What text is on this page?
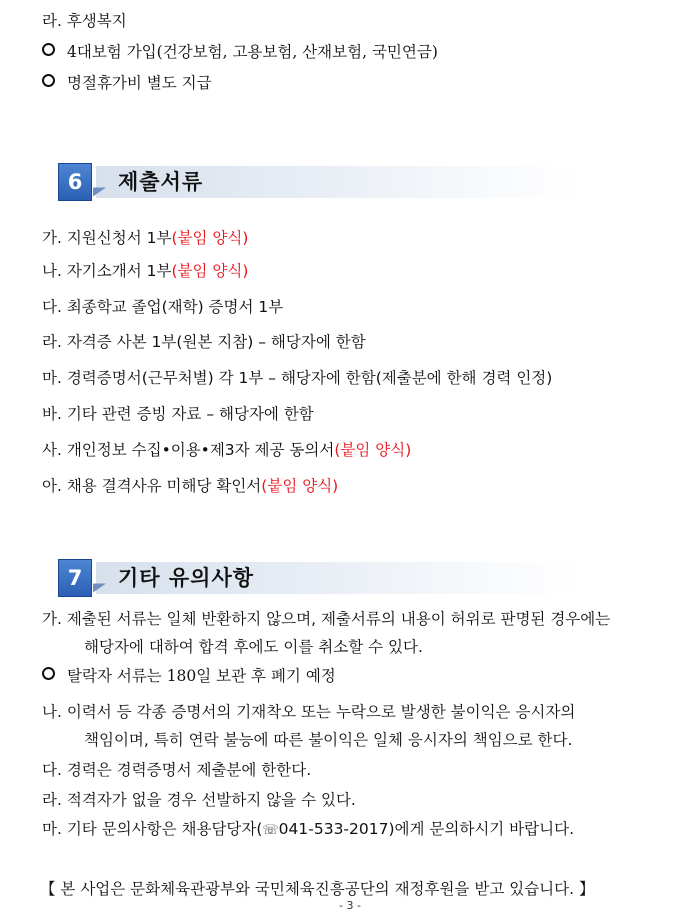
라. 후생복지
4대보험 가입(건강보험, 고용보험, 산재보험, 국민연금)
명절휴가비 별도 지급
6	제출서류
가. 지원신청서 1부(붙임 양식)
나. 자기소개서 1부(붙임 양식)
다. 최종학교 졸업(재학) 증명서 1부
라. 자격증 사본 1부(원본 지참) – 해당자에 한함
마. 경력증명서(근무처별) 각 1부 – 해당자에 한함(제출분에 한해 경력 인정)
바. 기타 관련 증빙 자료 – 해당자에 한함
사. 개인정보 수집•이용•제3자 제공 동의서(붙임 양식)
아. 채용 결격사유 미해당 확인서(붙임 양식)
7	기타 유의사항
가. 제출된 서류는 일체 반환하지 않으며, 제출서류의 내용이 허위로 판명된 경우에는
해당자에 대하여 합격 후에도 이를 취소할 수 있다.
탈락자 서류는 180일 보관 후 폐기 예정
나. 이력서 등 각종 증명서의 기재착오 또는 누락으로 발생한 불이익은 응시자의
책임이며, 특히 연락 불능에 따른 불이익은 일체 응시자의 책임으로 한다.
다. 경력은 경력증명서 제출분에 한한다.
라. 적격자가 없을 경우 선발하지 않을 수 있다.
마. 기타 문의사항은 채용담당자(☏041-533-2017)에게 문의하시기 바랍니다.
【 본 사업은 문화체육관광부와 국민체육진흥공단의 재정후원을 받고 있습니다. 】
- 3 -
